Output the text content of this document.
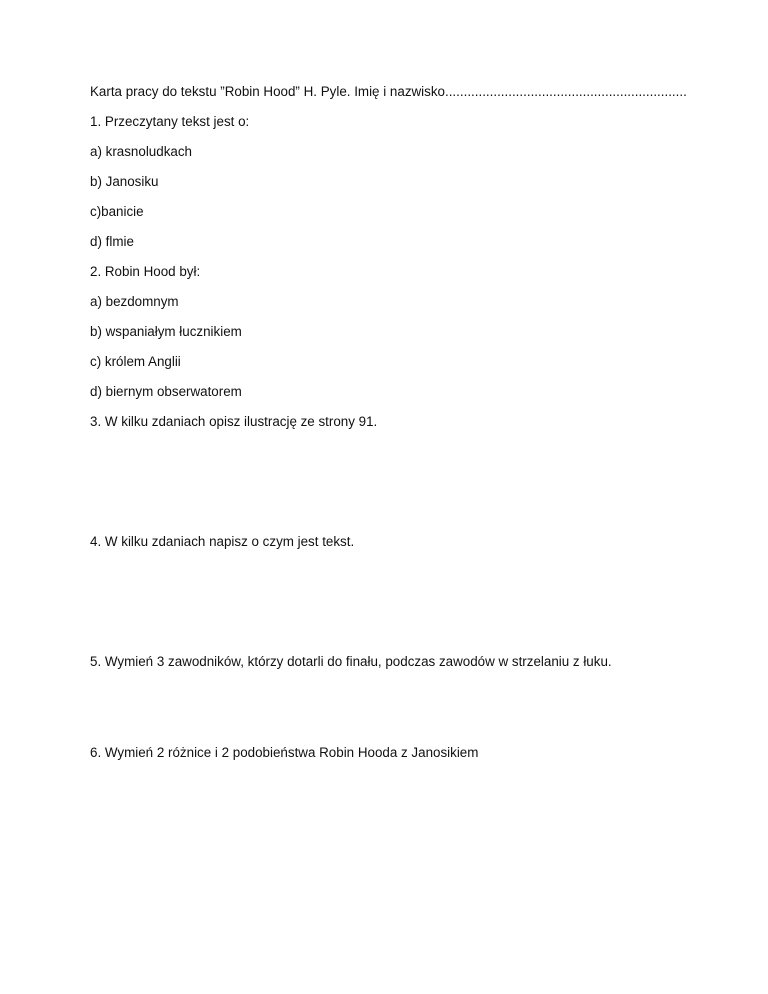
Karta pracy do tekstu ”Robin Hood” H. Pyle. Imię i nazwisko.................................................................
1. Przeczytany tekst jest o:
a) krasnoludkach
b) Janosiku
c)banicie
d) flmie
2. Robin Hood był:
a) bezdomnym
b) wspaniałym łucznikiem
c) królem Anglii
d) biernym obserwatorem
3. W kilku zdaniach opisz ilustrację ze strony 91.
4. W kilku zdaniach napisz o czym jest tekst.
5. Wymień 3 zawodników, którzy dotarli do finału, podczas zawodów w strzelaniu z łuku.
6. Wymień 2 różnice i 2 podobieństwa Robin Hooda z Janosikiem
